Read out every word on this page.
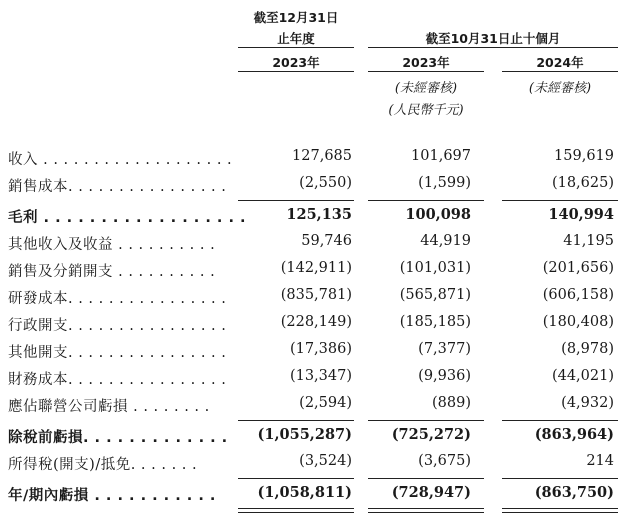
截至12月31日
止年度	截至10月31日止十個月
2023年	2023年	2024年
(未經審核)	(未經審核)
(人民幣千元)
收入 . . . . . . . . . . . . . . . . . . .	127,685	101,697	159,619
銷售成本. . . . . . . . . . . . . . . .	(2,550)	(1,599)	(18,625)
毛利 . . . . . . . . . . . . . . . . . .	125,135	100,098	140,994
其他收入及收益 . . . . . . . . . .	59,746	44,919	41,195
銷售及分銷開支 . . . . . . . . . .	(142,911)	(101,031)	(201,656)
研發成本. . . . . . . . . . . . . . . .	(835,781)	(565,871)	(606,158)
行政開支. . . . . . . . . . . . . . . .	(228,149)	(185,185)	(180,408)
其他開支. . . . . . . . . . . . . . . .	(17,386)	(7,377)	(8,978)
財務成本. . . . . . . . . . . . . . . .	(13,347)	(9,936)	(44,021)
應佔聯營公司虧損 . . . . . . . .	(2,594)	(889)	(4,932)
除稅前虧損. . . . . . . . . . . . . (1,055,287)	(725,272)	(863,964)
所得稅(開支)/抵免. . . . . . .	(3,524)	(3,675)	214
年/期內虧損 . . . . . . . . . . .	(1,058,811)	(728,947)	(863,750)
